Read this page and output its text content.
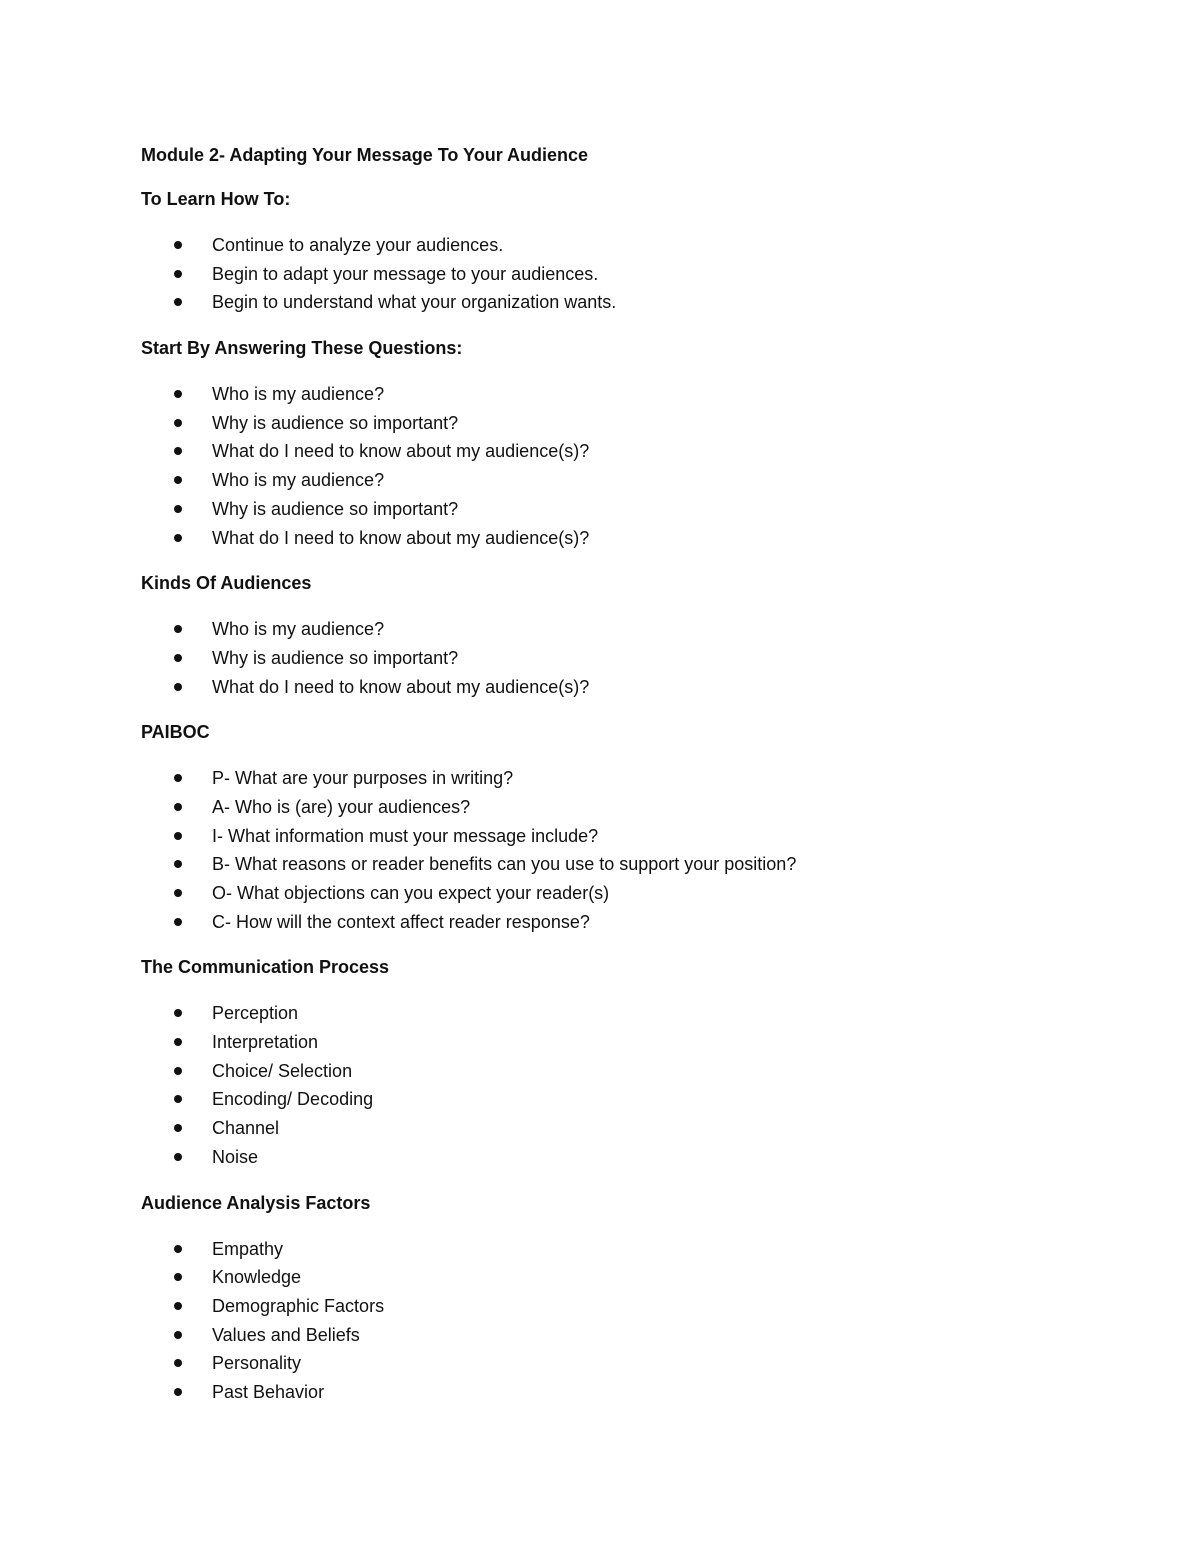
Module 2- Adapting Your Message To Your Audience
To Learn How To:
Continue to analyze your audiences.
Begin to adapt your message to your audiences.
Begin to understand what your organization wants.
Start By Answering These Questions:
Who is my audience?
Why is audience so important?
What do I need to know about my audience(s)?
Who is my audience?
Why is audience so important?
What do I need to know about my audience(s)?
Kinds Of Audiences
Who is my audience?
Why is audience so important?
What do I need to know about my audience(s)?
PAIBOC
P- What are your purposes in writing?
A- Who is (are) your audiences?
I- What information must your message include?
B- What reasons or reader benefits can you use to support your position?
O- What objections can you expect your reader(s)
C- How will the context affect reader response?
The Communication Process
Perception
Interpretation
Choice/ Selection
Encoding/ Decoding
Channel
Noise
Audience Analysis Factors
Empathy
Knowledge
Demographic Factors
Values and Beliefs
Personality
Past Behavior
